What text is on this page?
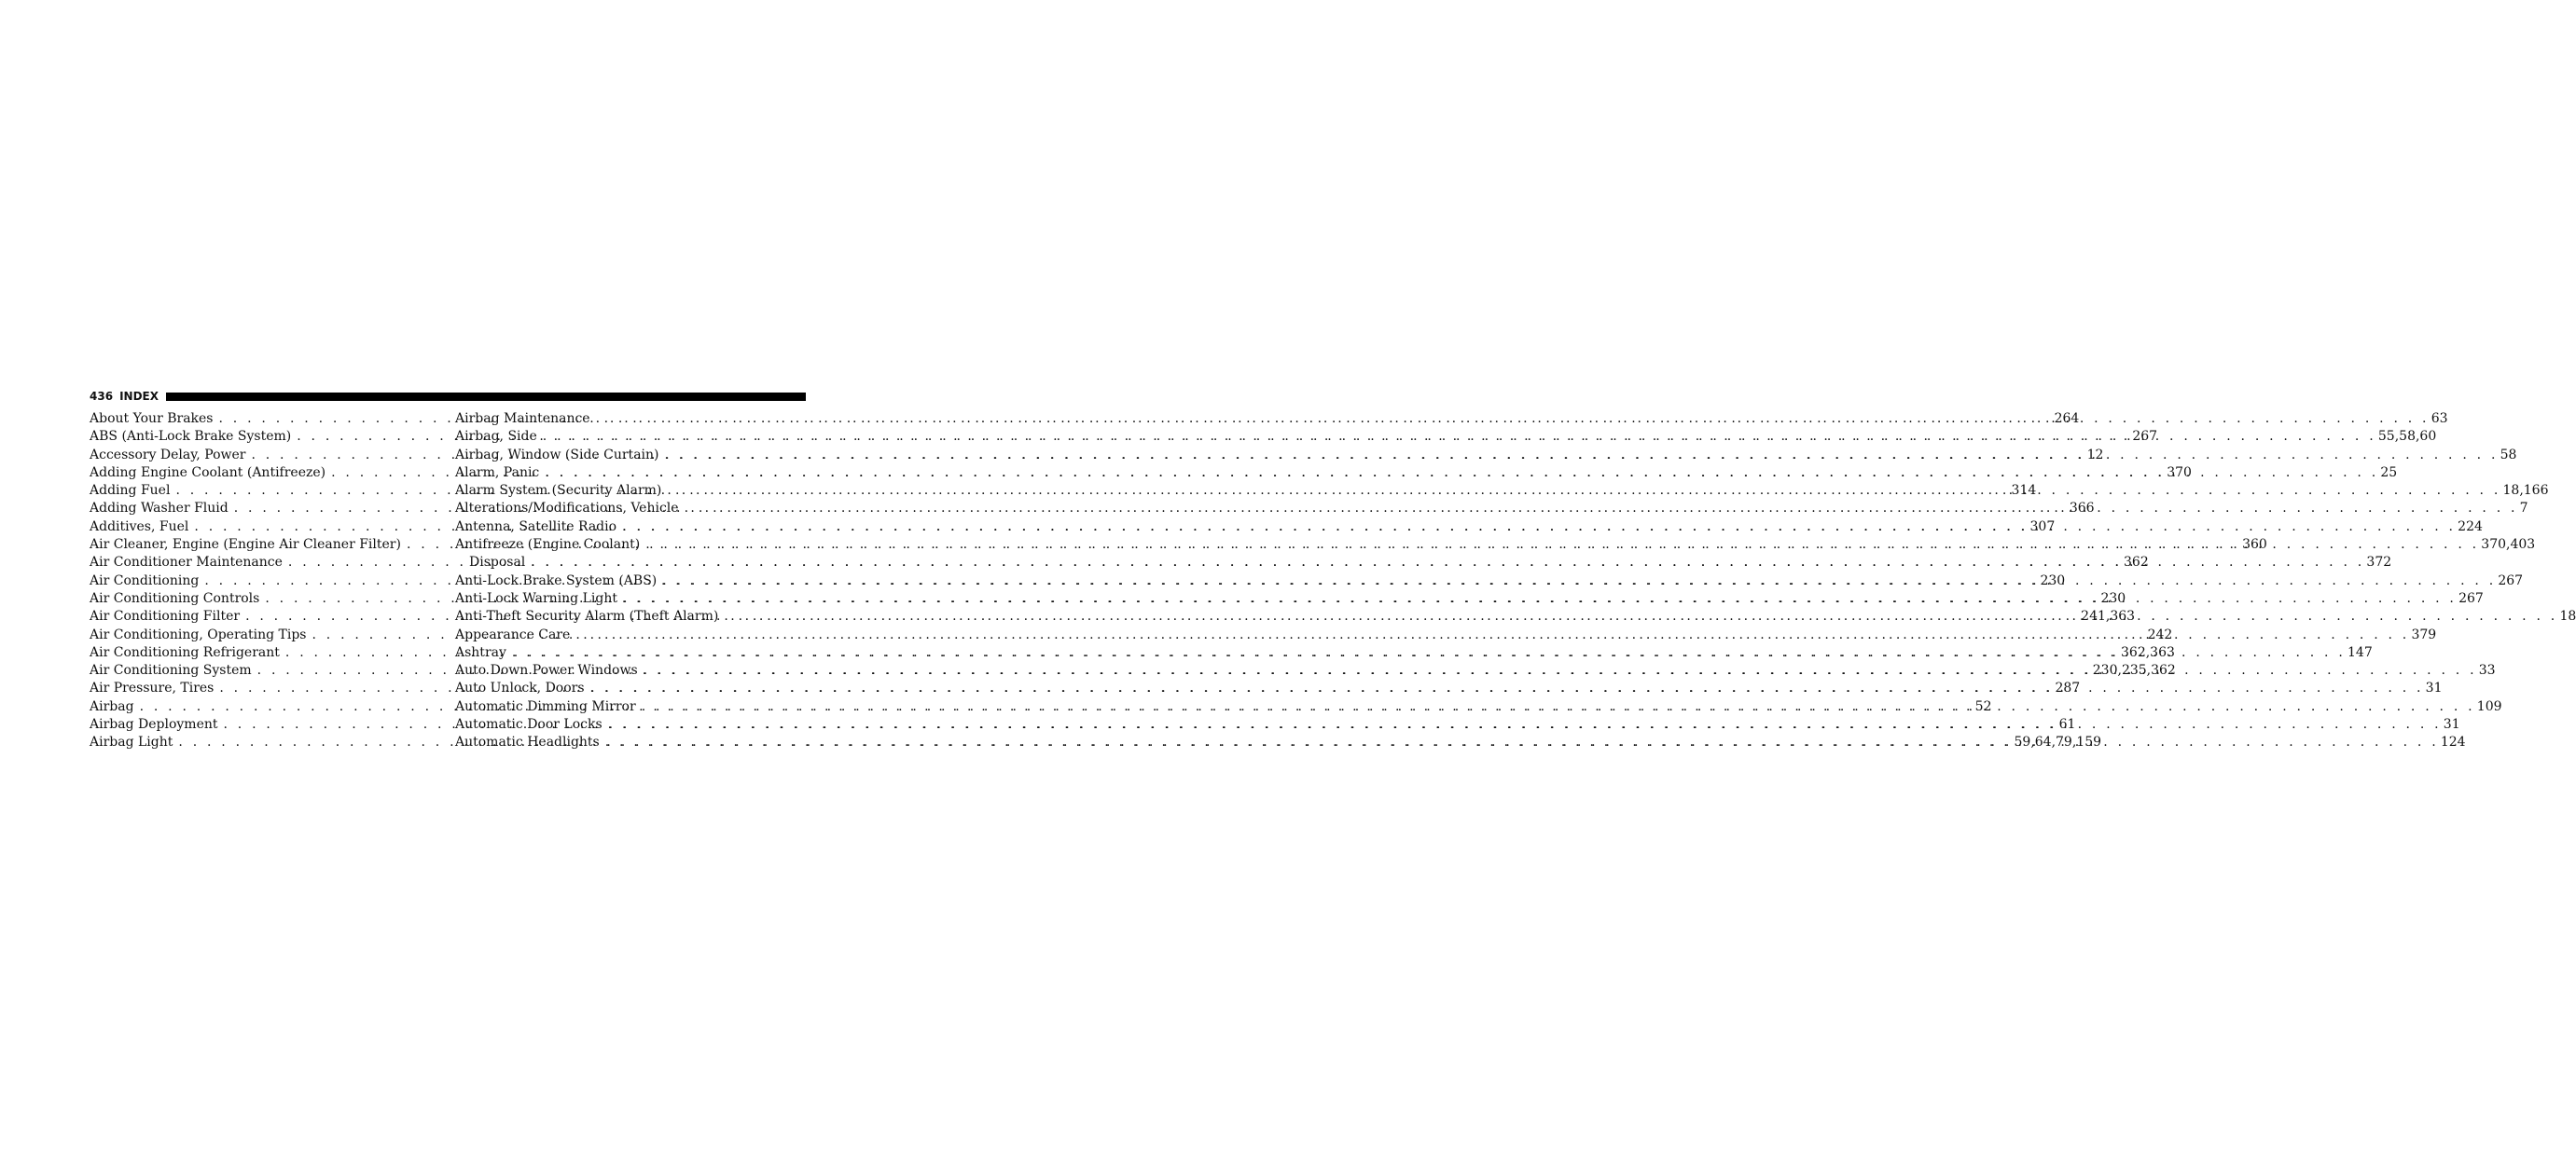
436 INDEX
About Your Brakes . . .	264
ABS (Anti-Lock Brake System) . . .	267
Accessory Delay, Power . . .	12
Adding Engine Coolant (Antifreeze) . . .	370
Adding Fuel . . .	314
Adding Washer Fluid . . .	366
Additives, Fuel . . .	307
Air Cleaner, Engine (Engine Air Cleaner Filter) . . .	360
Air Conditioner Maintenance . . .	362
Air Conditioning . . .	230
Air Conditioning Controls . . .	230
Air Conditioning Filter . . .	241,363
Air Conditioning, Operating Tips . . .	242
Air Conditioning Refrigerant . . .	362,363
Air Conditioning System . . .	230,235,362
Air Pressure, Tires . . .	287
Airbag . . .	52
Airbag Deployment . . .	61
Airbag Light . . .	59,64,79,159
Airbag Maintenance . . .	63
Airbag, Side . . .	55,58,60
Airbag, Window (Side Curtain) . . .	58
Alarm, Panic . . .	25
Alarm System (Security Alarm) . . .	18,166
Alterations/Modifications, Vehicle . . .	7
Antenna, Satellite Radio . . .	224
Antifreeze (Engine Coolant) . . .	370,403
Disposal . . .	372
Anti-Lock Brake System (ABS) . . .	267
Anti-Lock Warning Light . . .	267
Anti-Theft Security Alarm (Theft Alarm) . . .	18
Appearance Care . . .	379
Ashtray . . .	147
Auto Down Power Windows . . .	33
Auto Unlock, Doors . . .	31
Automatic Dimming Mirror . . .	109
Automatic Door Locks . . .	31
Automatic Headlights . . .	124
